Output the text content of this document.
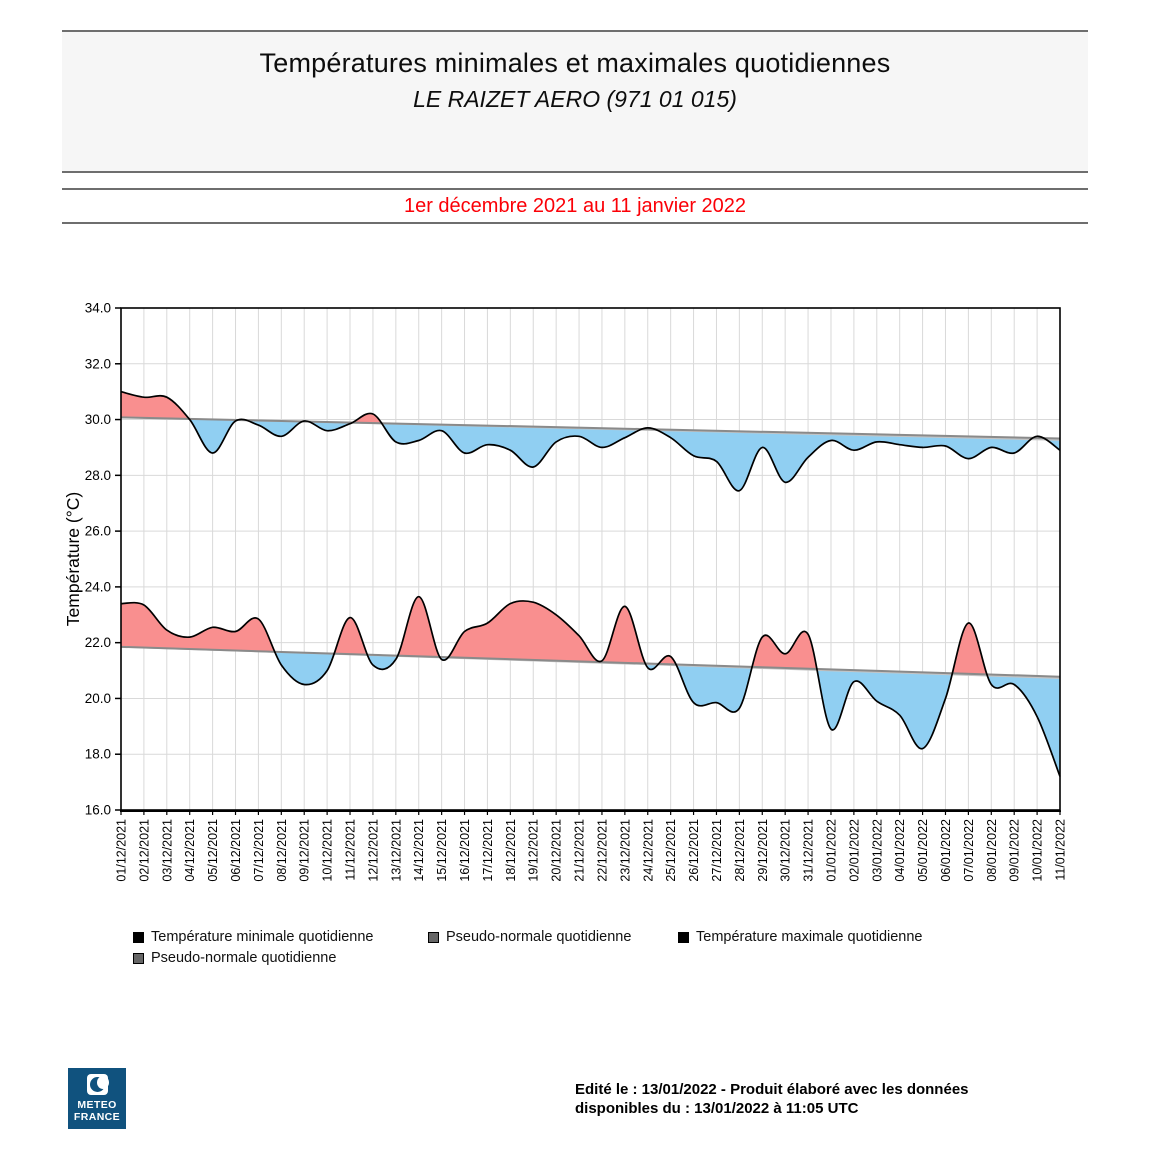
Températures minimales et maximales quotidiennes
LE RAIZET AERO (971 01 015)
1er décembre 2021 au 11 janvier 2022
16.0
18.0
20.0
22.0
24.0
26.0
28.0
30.0
32.0
34.0
01/12/2021 02/12/2021 03/12/2021 04/12/2021 05/12/2021 06/12/2021 07/12/2021 08/12/2021 09/12/2021 10/12/2021 11/12/2021 12/12/2021 13/12/2021 14/12/2021 15/12/2021 16/12/2021 17/12/2021 18/12/2021 19/12/2021 20/12/2021 21/12/2021 22/12/2021 23/12/2021 24/12/2021 25/12/2021 26/12/2021 27/12/2021 28/12/2021 29/12/2021 30/12/2021 31/12/2021 01/01/2022 02/01/2022 03/01/2022 04/01/2022 05/01/2022 06/01/2022 07/01/2022 08/01/2022 09/01/2022 10/01/2022 11/01/2022
Température (°C)
Température minimale quotidienne	Pseudo-normale quotidienne	Température maximale quotidienne
Pseudo-normale quotidienne
METEO
FRANCE
Edité le : 13/01/2022 - Produit élaboré avec les données
disponibles du : 13/01/2022 à 11:05 UTC
